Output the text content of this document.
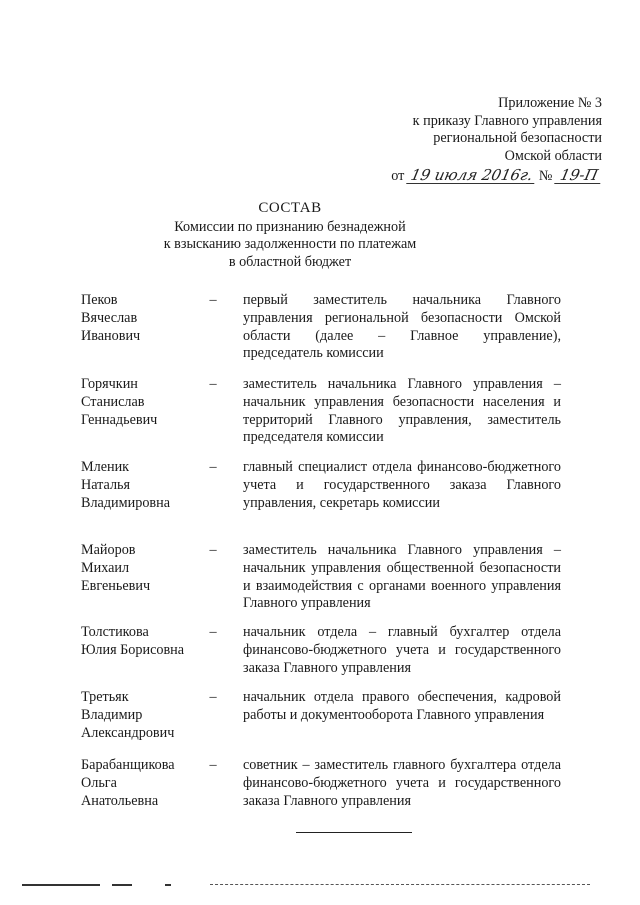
Приложение № 3
к приказу Главного управления
региональной безопасности
Омской области
от 19 июля 2016г. № 19-П
СОСТАВ
Комиссии по признанию безнадежной
к взысканию задолженности по платежам
в областной бюджет
Пеков
Вячеслав
Иванович
– первый заместитель начальника Главного
управления региональной безопасности Омской
области (далее – Главное управление),
председатель комиссии
Горячкин
Станислав
Геннадьевич
– заместитель начальника Главного управления –
начальник управления безопасности населения и
территорий Главного управления, заместитель
председателя комиссии
Мленик
Наталья
Владимировна
– главный специалист отдела финансово-бюджетного
учета и государственного заказа Главного
управления, секретарь комиссии
Майоров
Михаил
Евгеньевич
– заместитель начальника Главного управления –
начальник управления общественной безопасности
и взаимодействия с органами военного управления
Главного управления
Толстикова
Юлия Борисовна
– начальник отдела – главный бухгалтер отдела
финансово-бюджетного учета и государственного
заказа Главного управления
Третьяк
Владимир
Александрович
– начальник отдела правого обеспечения, кадровой
работы и документооборота Главного управления
Барабанщикова
Ольга
Анатольевна
– советник – заместитель главного бухгалтера отдела
финансово-бюджетного учета и государственного
заказа Главного управления
